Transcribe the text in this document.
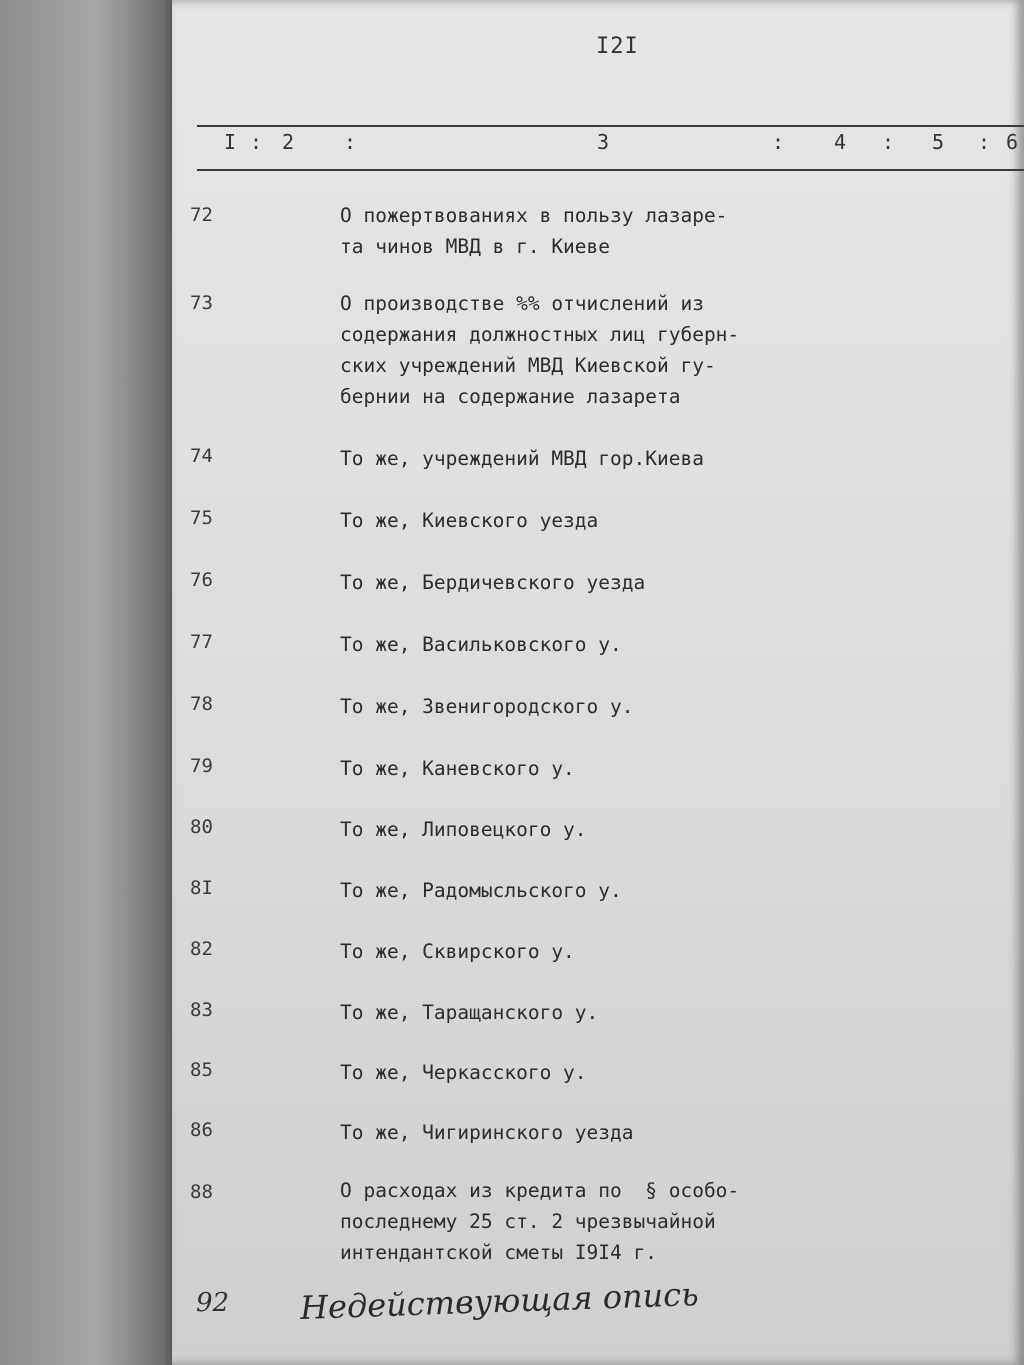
I2I
I : 2 :	3	: 4 : 5 : 6
72	О пожертвованиях в пользу лазаре-
та чинов МВД в г. Киеве
73	О производстве %% отчислений из
содержания должностных лиц губерн-
ских учреждений МВД Киевской гу-
бернии на содержание лазарета
74	То же, учреждений МВД гор.Киева
75	То же, Киевского уезда
76	То же, Бердичевского уезда
77	То же, Васильковского у.
78	То же, Звенигородского у.
79	То же, Каневского у.
80	То же, Липовецкого у.
8I	То же, Радомысльского у.
82	То же, Сквирского у.
83	То же, Таращанского у.
85	То же, Черкасского у.
86	То же, Чигиринского уезда
88	О расходах из кредита по  § особо-
последнему 25 ст. 2 чрезвычайной
интендантской сметы I9I4 г.
92 Недействующая опись
